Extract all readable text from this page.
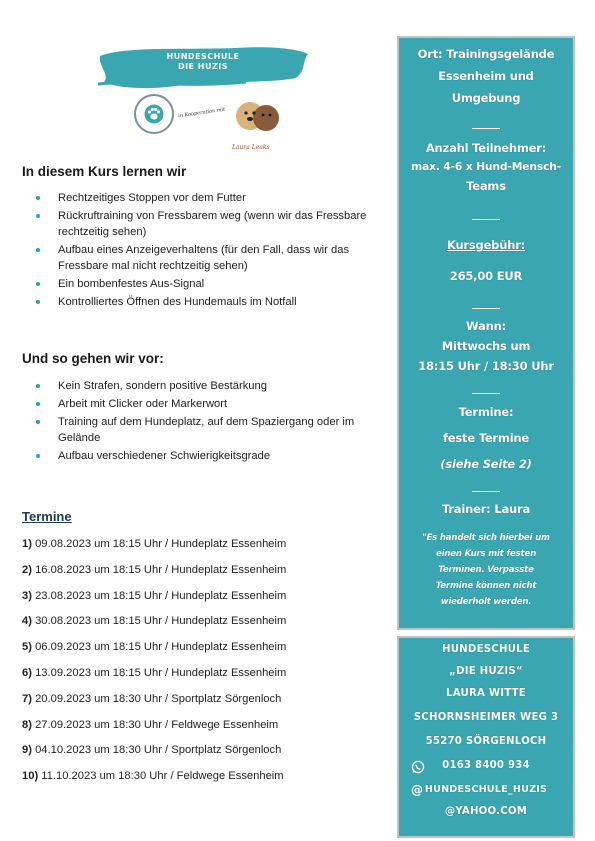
HUNDESCHULE
DIE HUZIS
in Kooperation mit
Laura Leaks
In diesem Kurs lernen wir
Rechtzeitiges Stoppen vor dem Futter
Rückruftraining von Fressbarem weg (wenn wir das Fressbare rechtzeitig sehen)
Aufbau eines Anzeigeverhaltens (für den Fall, dass wir das Fressbare mal nicht rechtzeitig sehen)
Ein bombenfestes Aus-Signal
Kontrolliertes Öffnen des Hundemauls im Notfall
Und so gehen wir vor:
Kein Strafen, sondern positive Bestärkung
Arbeit mit Clicker oder Markerwort
Training auf dem Hundeplatz, auf dem Spaziergang oder im Gelände
Aufbau verschiedener Schwierigkeitsgrade
Termine
1) 09.08.2023 um 18:15 Uhr / Hundeplatz Essenheim
2) 16.08.2023 um 18:15 Uhr / Hundeplatz Essenheim
3) 23.08.2023 um 18:15 Uhr / Hundeplatz Essenheim
4) 30.08.2023 um 18:15 Uhr / Hundeplatz Essenheim
5) 06.09.2023 um 18:15 Uhr / Hundeplatz Essenheim
6) 13.09.2023 um 18:15 Uhr / Hundeplatz Essenheim
7) 20.09.2023 um 18:30 Uhr / Sportplatz Sörgenloch
8) 27.09.2023 um 18:30 Uhr / Feldwege Essenheim
9) 04.10.2023 um 18:30 Uhr / Sportplatz Sörgenloch
10) 11.10.2023 um 18:30 Uhr / Feldwege Essenheim
Ort: Trainingsgelände
Essenheim und
Umgebung
Anzahl Teilnehmer:
max. 4-6 x Hund-Mensch-
Teams
Kursgebühr:
265,00 EUR
Wann:
Mittwochs um
18:15 Uhr / 18:30 Uhr
Termine:
feste Termine
(siehe Seite 2)
Trainer: Laura
"Es handelt sich hierbei um
einen Kurs mit festen
Terminen. Verpasste
Termine können nicht
wiederholt werden.
HUNDESCHULE
„DIE HUZIS“
LAURA WITTE
SCHORNSHEIMER WEG 3
55270 SÖRGENLOCH
0163 8400 934
@ HUNDESCHULE_HUZIS
@YAHOO.COM
